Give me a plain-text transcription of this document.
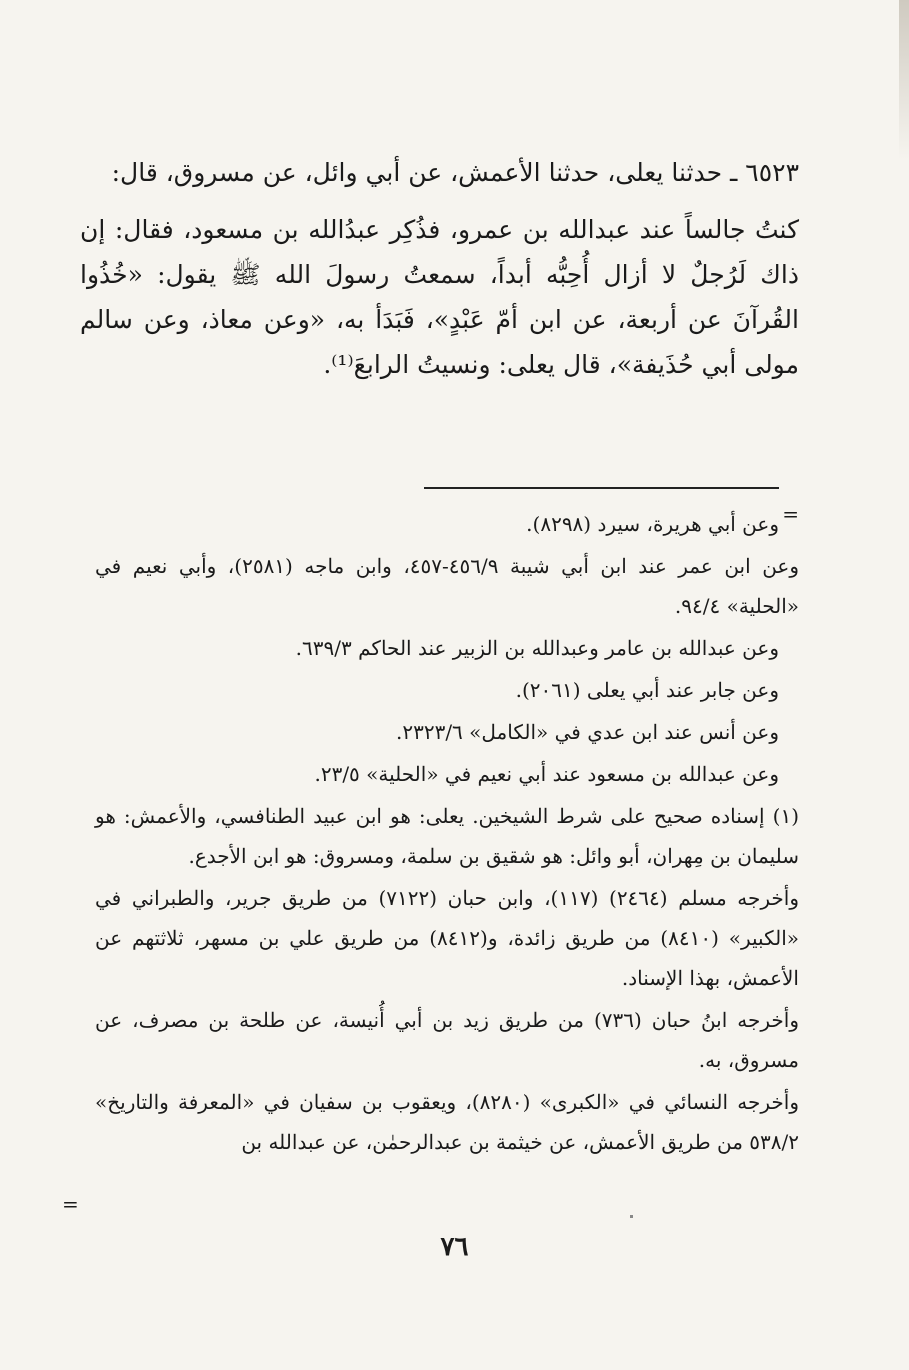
٦٥٢٣ ـ حدثنا يعلى، حدثنا الأعمش، عن أبي وائل، عن مسروق، قال:

كنتُ جالساً عند عبدالله بن عمرو، فذُكِر عبدُالله بن مسعود، فقال: إن ذاك لَرُجلٌ لا أزال أُحِبُّه أبداً، سمعتُ رسولَ الله ﷺ يقول: «خُذُوا القُرآنَ عن أربعة، عن ابن أمّ عَبْدٍ»، فَبَدَأ به، «وعن معاذ، وعن سالم مولى أبي حُذَيفة»، قال يعلى: ونسيتُ الرابعَ⁽¹⁾.

=

وعن أبي هريرة، سيرد (٨٢٩٨).

وعن ابن عمر عند ابن أبي شيبة ٤٥٦/٩-٤٥٧، وابن ماجه (٢٥٨١)، وأبي نعيم في «الحلية» ٩٤/٤.

وعن عبدالله بن عامر وعبدالله بن الزبير عند الحاكم ٦٣٩/٣.

وعن جابر عند أبي يعلى (٢٠٦١).

وعن أنس عند ابن عدي في «الكامل» ٢٣٢٣/٦.

وعن عبدالله بن مسعود عند أبي نعيم في «الحلية» ٢٣/٥.

(١) إسناده صحيح على شرط الشيخين. يعلى: هو ابن عبيد الطنافسي، والأعمش: هو سليمان بن مِهران، أبو وائل: هو شقيق بن سلمة، ومسروق: هو ابن الأجدع.

وأخرجه مسلم (٢٤٦٤) (١١٧)، وابن حبان (٧١٢٢) من طريق جرير، والطبراني في «الكبير» (٨٤١٠) من طريق زائدة، و(٨٤١٢) من طريق علي بن مسهر، ثلاثتهم عن الأعمش، بهذا الإسناد.

وأخرجه ابنُ حبان (٧٣٦) من طريق زيد بن أبي أُنيسة، عن طلحة بن مصرف، عن مسروق، به.

وأخرجه النسائي في «الكبرى» (٨٢٨٠)، ويعقوب بن سفيان في «المعرفة والتاريخ» ٥٣٨/٢ من طريق الأعمش، عن خيثمة بن عبدالرحمٰن، عن عبدالله بن

=
٧٦
